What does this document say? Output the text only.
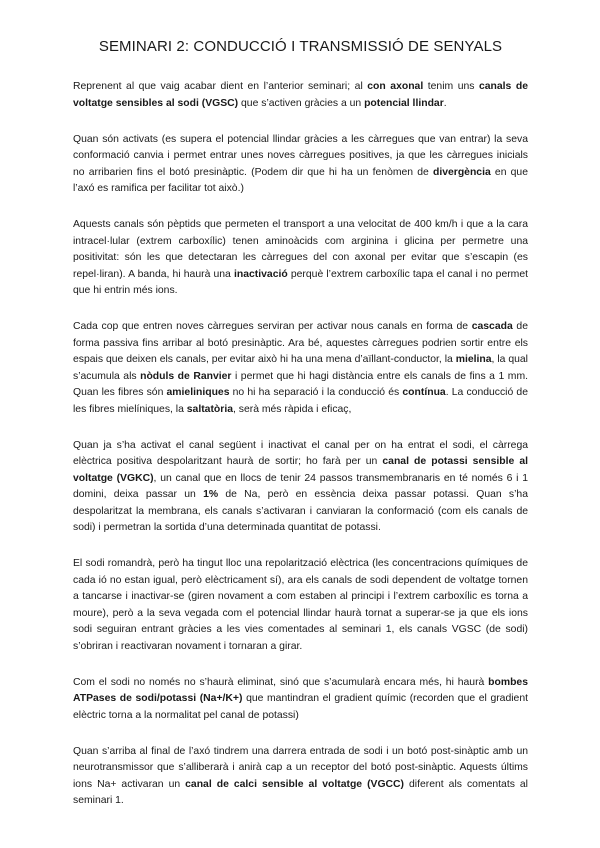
SEMINARI 2: CONDUCCIÓ I TRANSMISSIÓ DE SENYALS

Reprenent al que vaig acabar dient en l’anterior seminari; al con axonal tenim uns canals de voltatge sensibles al sodi (VGSC) que s’activen gràcies a un potencial llindar.

Quan són activats (es supera el potencial llindar gràcies a les càrregues que van entrar) la seva conformació canvia i permet entrar unes noves càrregues positives, ja que les càrregues inicials no arribarien fins el botó presinàptic. (Podem dir que hi ha un fenòmen de divergència en que l’axó es ramifica per facilitar tot això.)

Aquests canals són pèptids que permeten el transport a una velocitat de 400 km/h i que a la cara intracel·lular (extrem carboxílic) tenen aminoàcids com arginina i glicina per permetre una positivitat: són les que detectaran les càrregues del con axonal per evitar que s’escapin (es repel·liran). A banda, hi haurà una inactivació perquè l’extrem carboxílic tapa el canal i no permet que hi entrin més ions.

Cada cop que entren noves càrregues serviran per activar nous canals en forma de cascada de forma passiva fins arribar al botó presinàptic. Ara bé, aquestes càrregues podrien sortir entre els espais que deixen els canals, per evitar això hi ha una mena d’aïllant-conductor, la mielina, la qual s’acumula als nòduls de Ranvier i permet que hi hagi distància entre els canals de fins a 1 mm. Quan les fibres són amieliniques no hi ha separació i la conducció és contínua. La conducció de les fibres mielíniques, la saltatòria, serà més ràpida i eficaç,

Quan ja s’ha activat el canal següent i inactivat el canal per on ha entrat el sodi, el càrrega elèctrica positiva despolaritzant haurà de sortir; ho farà per un canal de potassi sensible al voltatge (VGKC), un canal que en llocs de tenir 24 passos transmembranaris en té només 6 i 1 domini, deixa passar un 1% de Na, però en essència deixa passar potassi. Quan s’ha despolaritzat la membrana, els canals s’activaran i canviaran la conformació (com els canals de sodi) i permetran la sortida d’una determinada quantitat de potassi.

El sodi romandrà, però ha tingut lloc una repolarització elèctrica (les concentracions químiques de cada ió no estan igual, però elèctricament sí), ara els canals de sodi dependent de voltatge tornen a tancarse i inactivar-se (giren novament a com estaben al principi i l’extrem carboxílic es torna a moure), però a la seva vegada com el potencial llindar haurà tornat a superar-se ja que els ions sodi seguiran entrant gràcies a les vies comentades al seminari 1, els canals VGSC (de sodi) s’obriran i reactivaran novament i tornaran a girar.

Com el sodi no només no s’haurà eliminat, sinó que s’acumularà encara més, hi haurà bombes ATPases de sodi/potassi (Na+/K+) que mantindran el gradient químic (recorden que el gradient elèctric torna a la normalitat pel canal de potassi)

Quan s’arriba al final de l’axó tindrem una darrera entrada de sodi i un botó post-sinàptic amb un neurotransmissor que s’alliberarà i anirà cap a un receptor del botó post-sinàptic. Aquests últims ions Na+ activaran un canal de calci sensible al voltatge (VGCC) diferent als comentats al seminari 1.
